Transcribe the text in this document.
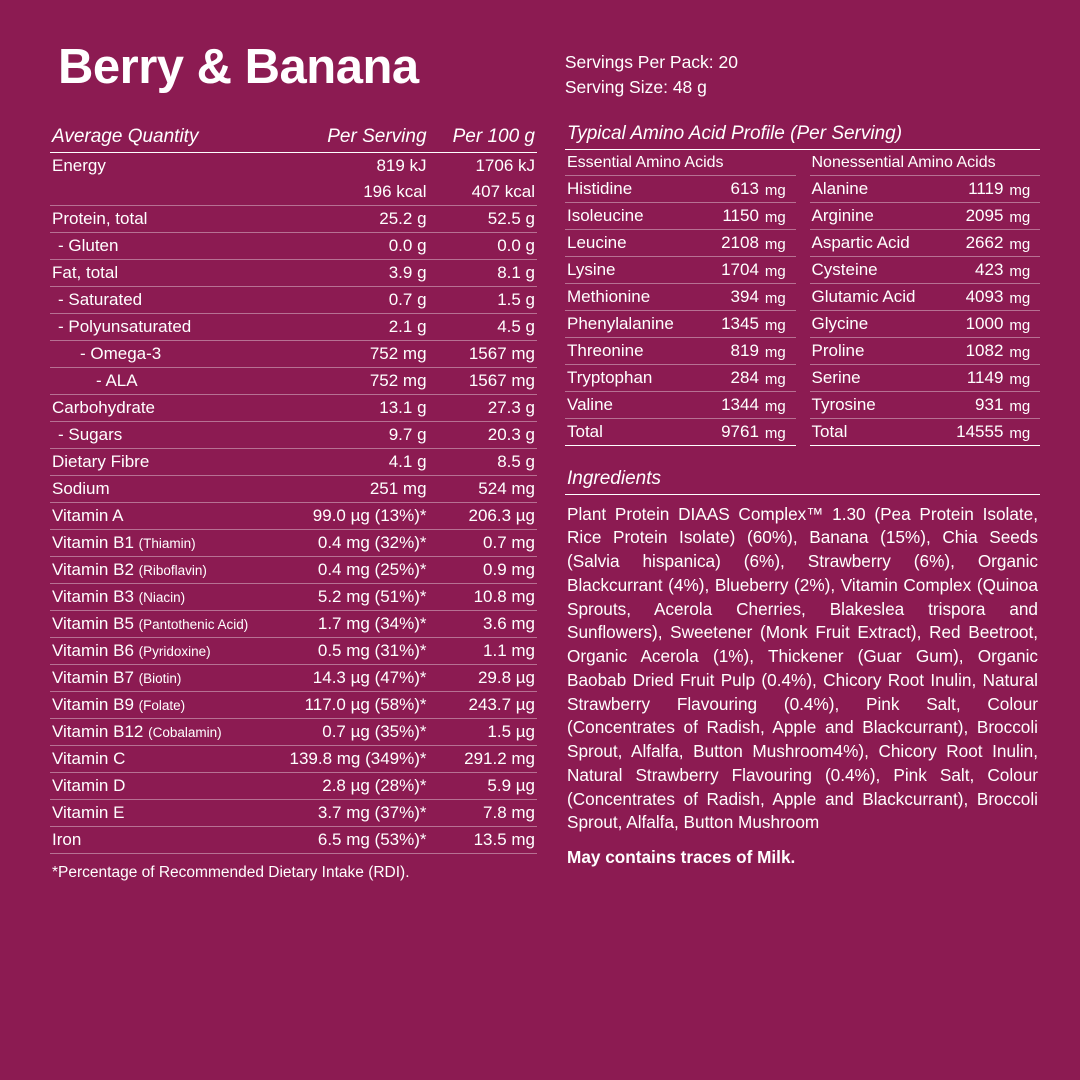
Berry & Banana	Servings Per Pack: 20
Serving Size: 48 g
Average Quantity	Per Serving	Per 100 g
Energy	819 kJ	1706 kJ
	196 kcal	407 kcal
Protein, total	25.2 g	52.5 g
- Gluten	0.0 g	0.0 g
Fat, total	3.9 g	8.1 g
- Saturated	0.7 g	1.5 g
- Polyunsaturated	2.1 g	4.5 g
- Omega-3	752 mg	1567 mg
- ALA	752 mg	1567 mg
Carbohydrate	13.1 g	27.3 g
- Sugars	9.7 g	20.3 g
Dietary Fibre	4.1 g	8.5 g
Sodium	251 mg	524 mg
Vitamin A	99.0 µg (13%)*	206.3 µg
Vitamin B1 (Thiamin)	0.4 mg (32%)*	0.7 mg
Vitamin B2 (Riboflavin)	0.4 mg (25%)*	0.9 mg
Vitamin B3 (Niacin)	5.2 mg (51%)*	10.8 mg
Vitamin B5 (Pantothenic Acid)	1.7 mg (34%)*	3.6 mg
Vitamin B6 (Pyridoxine)	0.5 mg (31%)*	1.1 mg
Vitamin B7 (Biotin)	14.3 µg (47%)*	29.8 µg
Vitamin B9 (Folate)	117.0 µg (58%)*	243.7 µg
Vitamin B12 (Cobalamin)	0.7 µg (35%)*	1.5 µg
Vitamin C	139.8 mg (349%)*	291.2 mg
Vitamin D	2.8 µg (28%)*	5.9 µg
Vitamin E	3.7 mg (37%)*	7.8 mg
Iron	6.5 mg (53%)*	13.5 mg
*Percentage of Recommended Dietary Intake (RDI).
Typical Amino Acid Profile (Per Serving)
Essential Amino Acids
Histidine	613	mg
Isoleucine	1150	mg
Leucine	2108	mg
Lysine	1704	mg
Methionine	394	mg
Phenylalanine	1345	mg
Threonine	819	mg
Tryptophan	284	mg
Valine	1344	mg
Total	9761	mg
Nonessential Amino Acids
Alanine	1119	mg
Arginine	2095	mg
Aspartic Acid	2662	mg
Cysteine	423	mg
Glutamic Acid	4093	mg
Glycine	1000	mg
Proline	1082	mg
Serine	1149	mg
Tyrosine	931	mg
Total	14555	mg
Ingredients
Plant Protein DIAAS Complex™ 1.30 (Pea Protein Isolate, Rice Protein Isolate) (60%), Banana (15%), Chia Seeds (Salvia hispanica) (6%), Strawberry (6%), Organic Blackcurrant (4%), Blueberry (2%), Vitamin Complex (Quinoa Sprouts, Acerola Cherries, Blakeslea trispora and Sunflowers), Sweetener (Monk Fruit Extract), Red Beetroot, Organic Acerola (1%), Thickener (Guar Gum), Organic Baobab Dried Fruit Pulp (0.4%), Chicory Root Inulin, Natural Strawberry Flavouring (0.4%), Pink Salt, Colour (Concentrates of Radish, Apple and Blackcurrant), Broccoli Sprout, Alfalfa, Button Mushroom4%), Chicory Root Inulin, Natural Strawberry Flavouring (0.4%), Pink Salt, Colour (Concentrates of Radish, Apple and Blackcurrant), Broccoli Sprout, Alfalfa, Button Mushroom
May contains traces of Milk.
